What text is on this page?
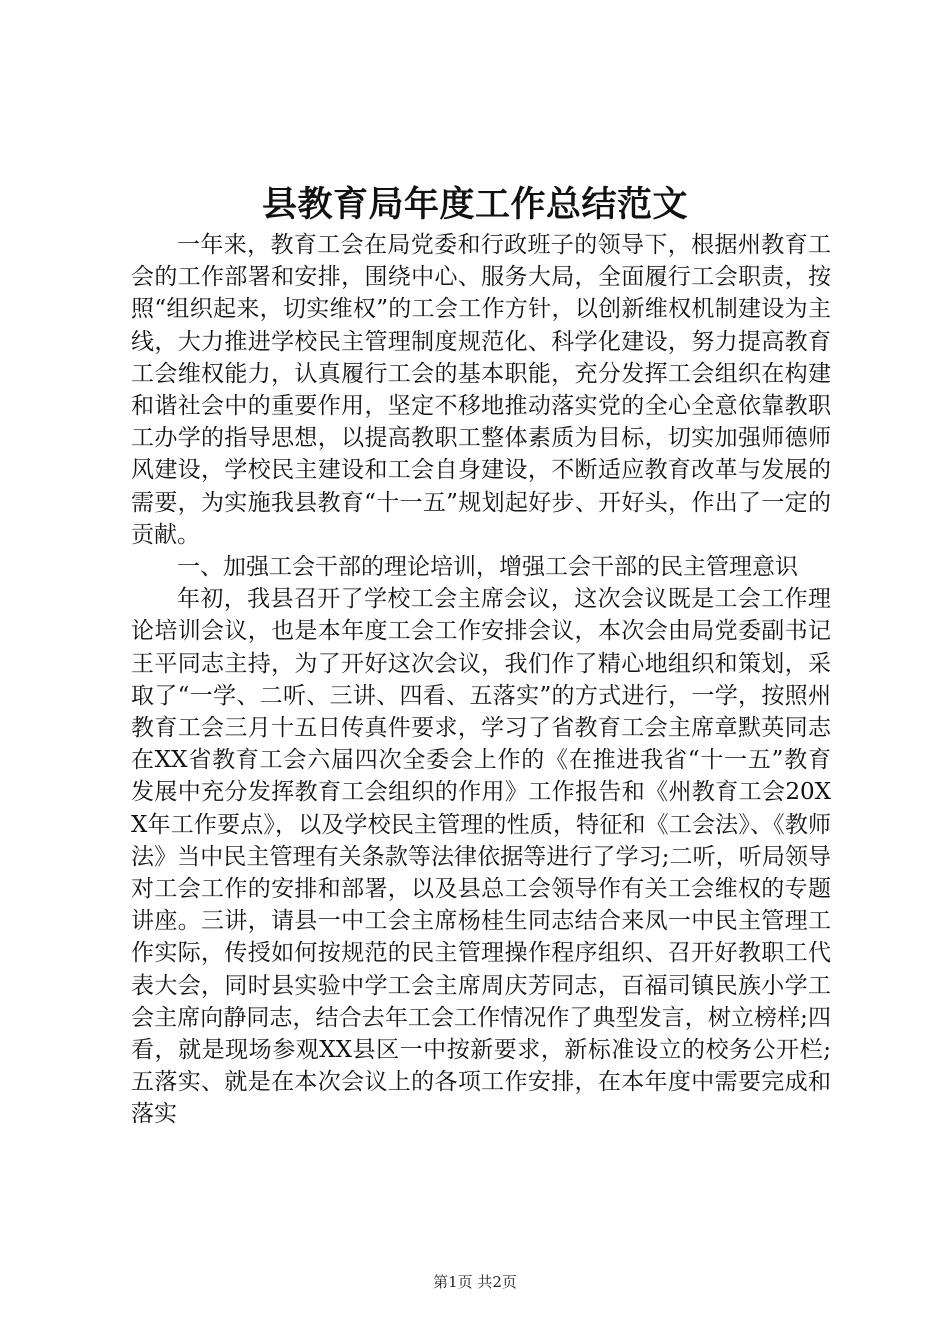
县教育局年度工作总结范文

一年来，教育工会在局党委和行政班子的领导下，根据州教育工会的工作部署和安排，围绕中心、服务大局，全面履行工会职责，按照“组织起来，切实维权”的工会工作方针，以创新维权机制建设为主线，大力推进学校民主管理制度规范化、科学化建设，努力提高教育工会维权能力，认真履行工会的基本职能，充分发挥工会组织在构建和谐社会中的重要作用，坚定不移地推动落实党的全心全意依靠教职工办学的指导思想，以提高教职工整体素质为目标，切实加强师德师风建设，学校民主建设和工会自身建设，不断适应教育改革与发展的需要，为实施我县教育“十一五”规划起好步、开好头，作出了一定的贡献。

一、加强工会干部的理论培训，增强工会干部的民主管理意识

年初，我县召开了学校工会主席会议，这次会议既是工会工作理论培训会议，也是本年度工会工作安排会议，本次会由局党委副书记王平同志主持，为了开好这次会议，我们作了精心地组织和策划，采取了“一学、二听、三讲、四看、五落实”的方式进行，一学，按照州教育工会三月十五日传真件要求，学习了省教育工会主席章默英同志在XX省教育工会六届四次全委会上作的《在推进我省“十一五”教育发展中充分发挥教育工会组织的作用》工作报告和《州教育工会20XX年工作要点》，以及学校民主管理的性质，特征和《工会法》、《教师法》当中民主管理有关条款等法律依据等进行了学习;二听，听局领导对工会工作的安排和部署，以及县总工会领导作有关工会维权的专题讲座。三讲，请县一中工会主席杨桂生同志结合来凤一中民主管理工作实际，传授如何按规范的民主管理操作程序组织、召开好教职工代表大会，同时县实验中学工会主席周庆芳同志，百福司镇民族小学工会主席向静同志，结合去年工会工作情况作了典型发言，树立榜样;四看，就是现场参观XX县区一中按新要求，新标准设立的校务公开栏;五落实、就是在本次会议上的各项工作安排，在本年度中需要完成和落实

第1页 共2页
